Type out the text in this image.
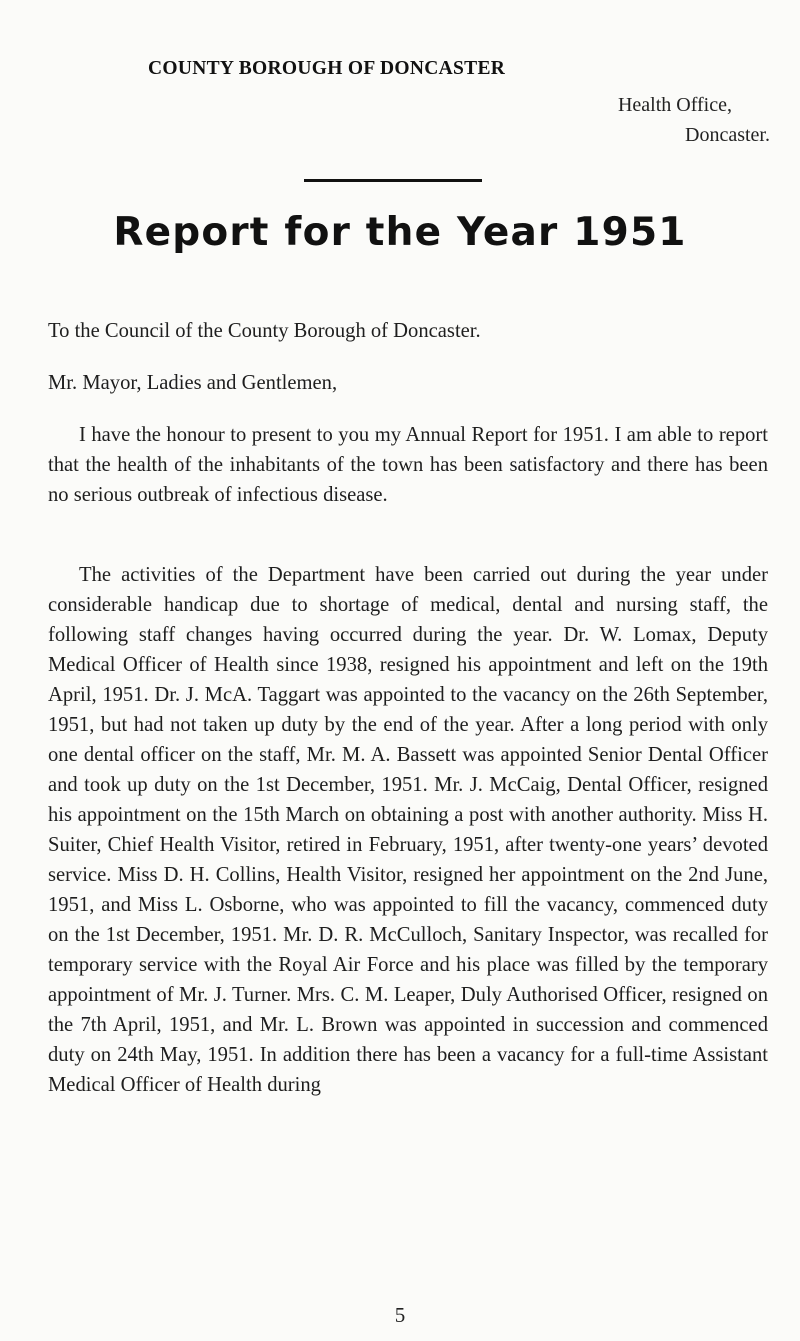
COUNTY BOROUGH OF DONCASTER
Health Office,
Doncaster.
Report for the Year 1951
To the Council of the County Borough of Doncaster.
Mr. Mayor, Ladies and Gentlemen,
I have the honour to present to you my Annual Report for 1951. I am able to report that the health of the inhabitants of the town has been satisfactory and there has been no serious outbreak of infectious disease.
The activities of the Department have been carried out during the year under considerable handicap due to shortage of medical, dental and nursing staff, the following staff changes having occurred during the year. Dr. W. Lomax, Deputy Medical Officer of Health since 1938, resigned his appointment and left on the 19th April, 1951. Dr. J. McA. Taggart was appointed to the vacancy on the 26th September, 1951, but had not taken up duty by the end of the year. After a long period with only one dental officer on the staff, Mr. M. A. Bassett was appointed Senior Dental Officer and took up duty on the 1st December, 1951. Mr. J. McCaig, Dental Officer, resigned his appointment on the 15th March on obtaining a post with another authority. Miss H. Suiter, Chief Health Visitor, retired in February, 1951, after twenty-one years’ devoted service. Miss D. H. Collins, Health Visitor, resigned her appointment on the 2nd June, 1951, and Miss L. Osborne, who was appointed to fill the vacancy, commenced duty on the 1st December, 1951. Mr. D. R. McCulloch, Sanitary Inspector, was recalled for temporary service with the Royal Air Force and his place was filled by the temporary appointment of Mr. J. Turner. Mrs. C. M. Leaper, Duly Authorised Officer, resigned on the 7th April, 1951, and Mr. L. Brown was appointed in succession and commenced duty on 24th May, 1951. In addition there has been a vacancy for a full-time Assistant Medical Officer of Health during
5
